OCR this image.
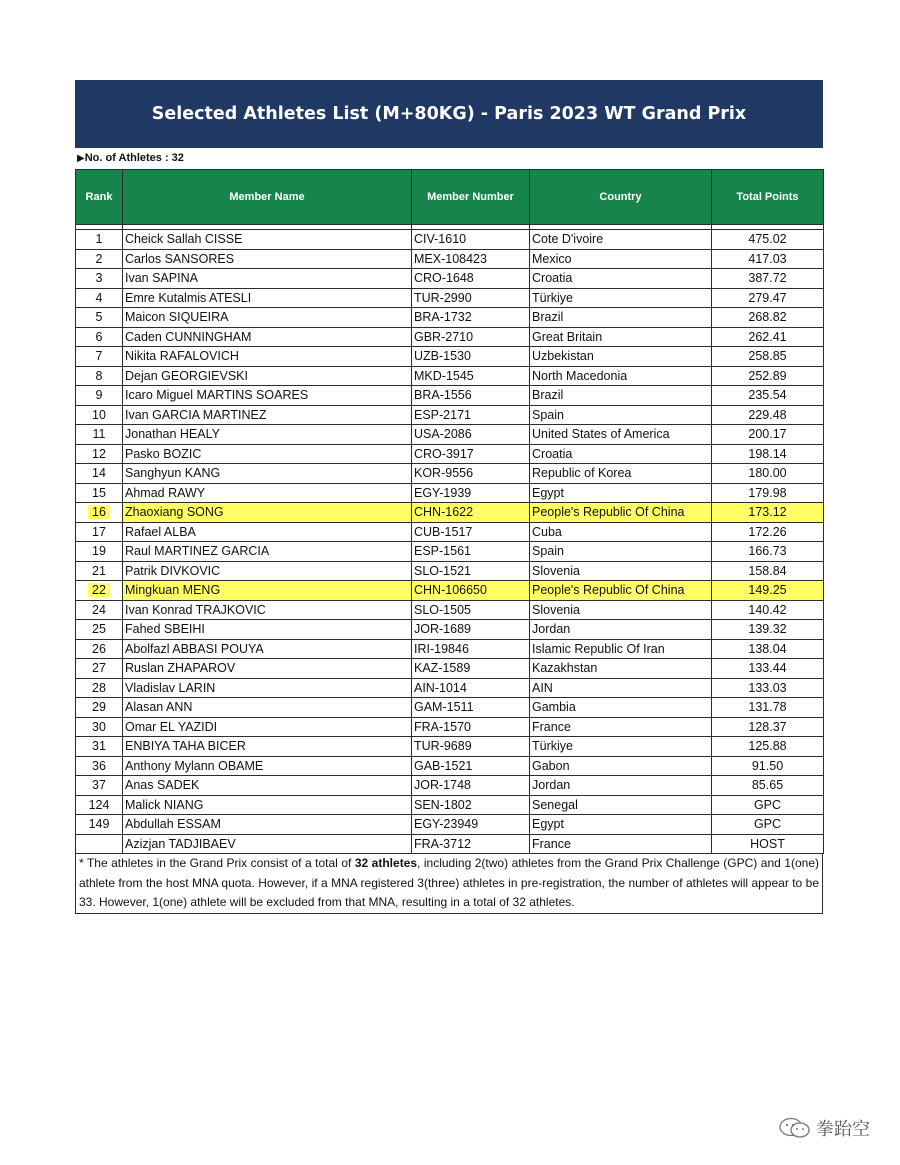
Selected Athletes List (M+80KG) - Paris 2023 WT Grand Prix
▶No. of Athletes : 32
Rank	Member Name	Member Number	Country	Total Points

1	Cheick Sallah CISSE	CIV-1610	Cote D'ivoire	475.02
2	Carlos SANSORES	MEX-108423	Mexico	417.03
3	Ivan SAPINA	CRO-1648	Croatia	387.72
4	Emre Kutalmis ATESLI	TUR-2990	Türkiye	279.47
5	Maicon SIQUEIRA	BRA-1732	Brazil	268.82
6	Caden CUNNINGHAM	GBR-2710	Great Britain	262.41
7	Nikita RAFALOVICH	UZB-1530	Uzbekistan	258.85
8	Dejan GEORGIEVSKI	MKD-1545	North Macedonia	252.89
9	Icaro Miguel MARTINS SOARES	BRA-1556	Brazil	235.54
10	Ivan GARCIA MARTINEZ	ESP-2171	Spain	229.48
11	Jonathan HEALY	USA-2086	United States of America	200.17
12	Pasko BOZIC	CRO-3917	Croatia	198.14
14	Sanghyun KANG	KOR-9556	Republic of Korea	180.00
15	Ahmad RAWY	EGY-1939	Egypt	179.98
16	Zhaoxiang SONG	CHN-1622	People's Republic Of China	173.12
17	Rafael ALBA	CUB-1517	Cuba	172.26
19	Raul MARTINEZ GARCIA	ESP-1561	Spain	166.73
21	Patrik DIVKOVIC	SLO-1521	Slovenia	158.84
22	Mingkuan MENG	CHN-106650	People's Republic Of China	149.25
24	Ivan Konrad TRAJKOVIC	SLO-1505	Slovenia	140.42
25	Fahed SBEIHI	JOR-1689	Jordan	139.32
26	Abolfazl ABBASI POUYA	IRI-19846	Islamic Republic Of Iran	138.04
27	Ruslan ZHAPAROV	KAZ-1589	Kazakhstan	133.44
28	Vladislav LARIN	AIN-1014	AIN	133.03
29	Alasan ANN	GAM-1511	Gambia	131.78
30	Omar EL YAZIDI	FRA-1570	France	128.37
31	ENBIYA TAHA BICER	TUR-9689	Türkiye	125.88
36	Anthony Mylann OBAME	GAB-1521	Gabon	91.50
37	Anas SADEK	JOR-1748	Jordan	85.65
124	Malick NIANG	SEN-1802	Senegal	GPC
149	Abdullah ESSAM	EGY-23949	Egypt	GPC
	Azizjan TADJIBAEV	FRA-3712	France	HOST
* The athletes in the Grand Prix consist of a total of 32 athletes, including 2(two) athletes from the Grand Prix Challenge (GPC) and 1(one) athlete from the host MNA quota. However, if a MNA registered 3(three) athletes in pre-registration, the number of athletes will appear to be 33. However, 1(one) athlete will be excluded from that MNA, resulting in a total of 32 athletes.
拳跆空
